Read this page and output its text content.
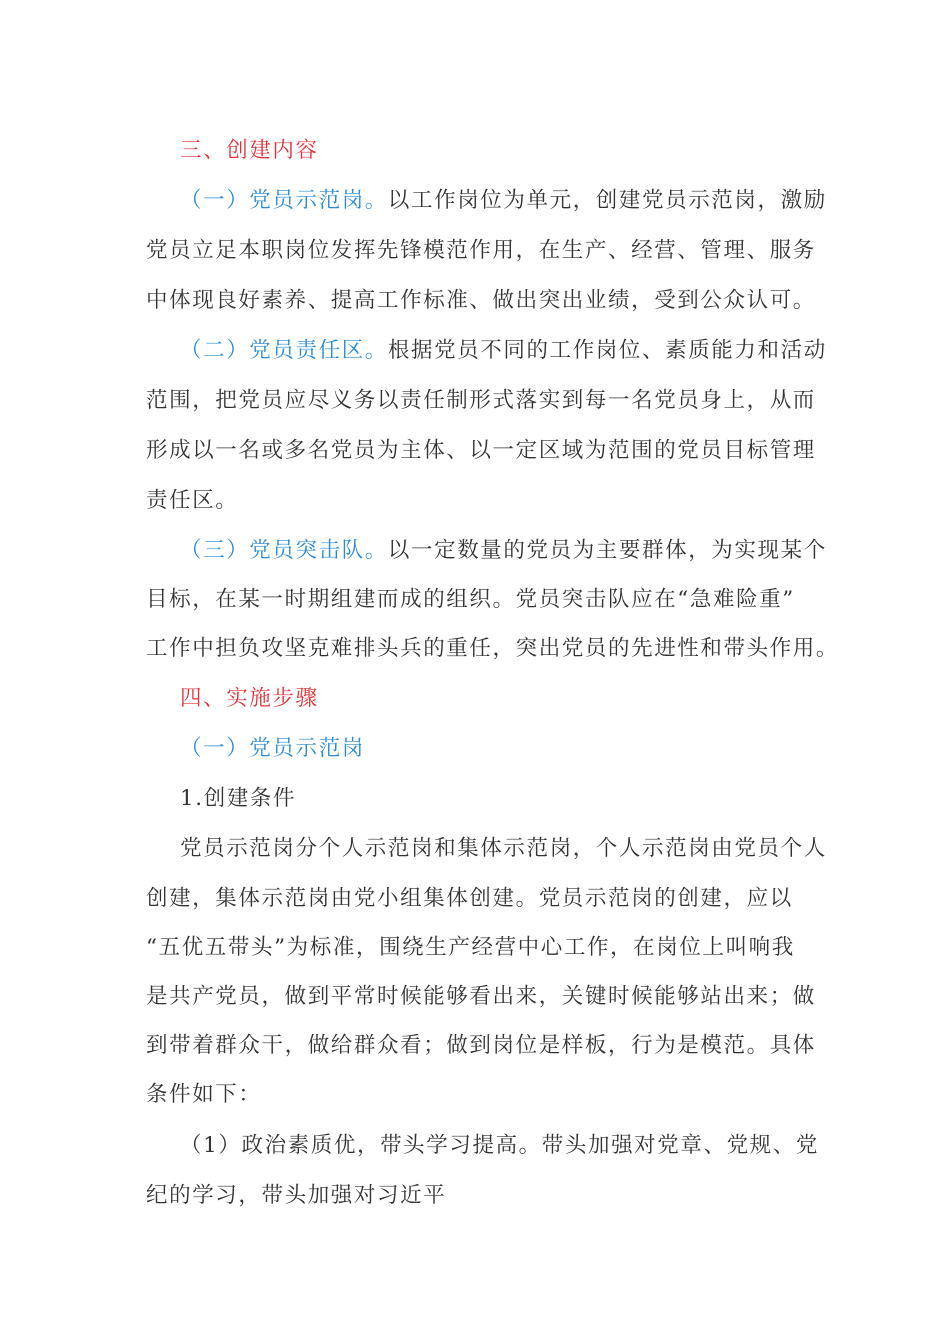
三、创建内容
（一）党员示范岗。以工作岗位为单元，创建党员示范岗，激励
党员立足本职岗位发挥先锋模范作用，在生产、经营、管理、服务
中体现良好素养、提高工作标准、做出突出业绩，受到公众认可。
（二）党员责任区。根据党员不同的工作岗位、素质能力和活动
范围，把党员应尽义务以责任制形式落实到每一名党员身上，从而
形成以一名或多名党员为主体、以一定区域为范围的党员目标管理
责任区。
（三）党员突击队。以一定数量的党员为主要群体，为实现某个
目标，在某一时期组建而成的组织。党员突击队应在“急难险重”
工作中担负攻坚克难排头兵的重任，突出党员的先进性和带头作用。
四、实施步骤
（一）党员示范岗
1.创建条件
党员示范岗分个人示范岗和集体示范岗，个人示范岗由党员个人
创建，集体示范岗由党小组集体创建。党员示范岗的创建，应以
“五优五带头”为标准，围绕生产经营中心工作，在岗位上叫响我
是共产党员，做到平常时候能够看出来，关键时候能够站出来；做
到带着群众干，做给群众看；做到岗位是样板，行为是模范。具体
条件如下：
（1）政治素质优，带头学习提高。带头加强对党章、党规、党
纪的学习，带头加强对习近平
